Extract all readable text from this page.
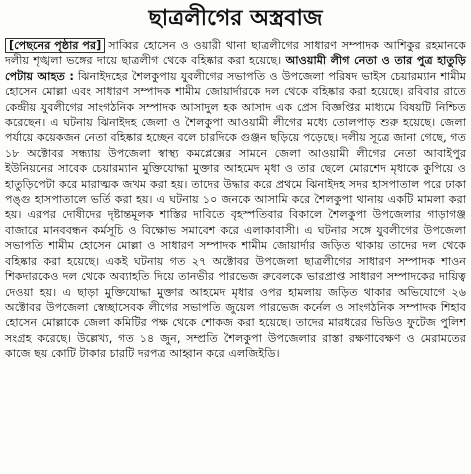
ছাত্রলীগের অস্ত্রবাজ

[পেছনের পৃষ্ঠার পর] সাব্বির হোসেন ও ওয়ারী থানা ছাত্রলীগের সাধারণ সম্পাদক আশিকুর রহমানকে দলীয় শৃঙ্খলা ভঙ্গের দায়ে ছাত্রলীগ থেকে বহিষ্কার করা হয়েছে। আওয়ামী লীগ নেতা ও তার পুত্র হাতুড়ি পেটায় আহত : ঝিনাইদহের শৈলকুপায় যুবলীগের সভাপতি ও উপজেলা পরিষদ ভাইস চেয়ারম্যান শামীম হোসেন মোল্লা এবং সাধারণ সম্পাদক শামীম জোয়ার্দারকে দল থেকে বহিষ্কার করা হয়েছে। রবিবার রাতে কেন্দ্রীয় যুবলীগের সাংগঠনিক সম্পাদক আসাদুল হক আসাদ এক প্রেস বিজ্ঞপ্তির মাধ্যমে বিষয়টি নিশ্চিত করেছেন। এ ঘটনায় ঝিনাইদহ জেলা ও শৈলকুপা আওয়ামী লীগের মধ্যে তোলপাড় শুরু হয়েছে। জেলা পর্যায়ে কয়েকজন নেতা বহিষ্কার হচ্ছেন বলে চারদিকে গুঞ্জন ছড়িয়ে পড়েছে। দলীয় সূত্রে জানা গেছে, গত ১৮ অক্টোবর সন্ধ্যায় উপজেলা স্বাস্থ্য কমপ্লেক্সের সামনে জেলা আওয়ামী লীগের নেতা আবাইপুর ইউনিয়নের সাবেক চেয়ারম্যান মুক্তিযোদ্ধা মুক্তার আহমেদ মৃধা ও তার ছেলে মোরশেদ মৃধাকে কুপিয়ে ও হাতুড়িপেটা করে মারাত্মক জখম করা হয়। তাদের উদ্ধার করে প্রথমে ঝিনাইদহ সদর হাসপাতাল পরে ঢাকা পঙ্গু হাসপাতালে ভর্তি করা হয়। এ ঘটনায় ১০ জনকে আসামি করে শৈলকুপা থানায় একটি মামলা করা হয়। এরপর দোষীদের দৃষ্টান্তমূলক শাস্তির দাবিতে বৃহস্পতিবার বিকালে শৈলকুপা উপজেলার গাড়াগঞ্জ বাজারে মানববন্ধন কর্মসূচি ও বিক্ষোভ সমাবেশ করে এলাকাবাসী। এ ঘটনার সঙ্গে যুবলীগের উপজেলা সভাপতি শামীম হোসেন মোল্লা ও সাধারণ সম্পাদক শামীম জোয়ার্দার জড়িত থাকায় তাদের দল থেকে বহিষ্কার করা হয়েছে। একই ঘটনায় গত ২৭ অক্টোবর উপজেলা ছাত্রলীগের সাধারণ সম্পাদক শাওন শিকদারকেও দল থেকে অব্যাহতি দিয়ে তানভীর পারভেজ রুবেলকে ভারপ্রাপ্ত সাধারণ সম্পাদকের দায়িত্ব দেওয়া হয়। এ ছাড়া মুক্তিযোদ্ধা মুক্তার আহমেদ মৃধার ওপর হামলায় জড়িত থাকার অভিযোগে ২৬ অক্টোবর উপজেলা স্বেচ্ছাসেবক লীগের সভাপতি জুয়েল পারভেজ কর্নেল ও সাংগঠনিক সম্পাদক শিহাব হোসেন মোল্লাকে জেলা কমিটির পক্ষ থেকে শোকজ করা হয়েছে। তাদের মারধরের ভিডিও ফুটেজ পুলিশ সংগ্রহ করেছে। উল্লেখ্য, গত ১৪ জুন, সম্প্রতি শৈলকুপা উপজেলার রাস্তা রক্ষণাবেক্ষণ ও মেরামতের কাজে ছয় কোটি টাকার চারটি দরপত্র আহ্বান করে এলজিইডি।
